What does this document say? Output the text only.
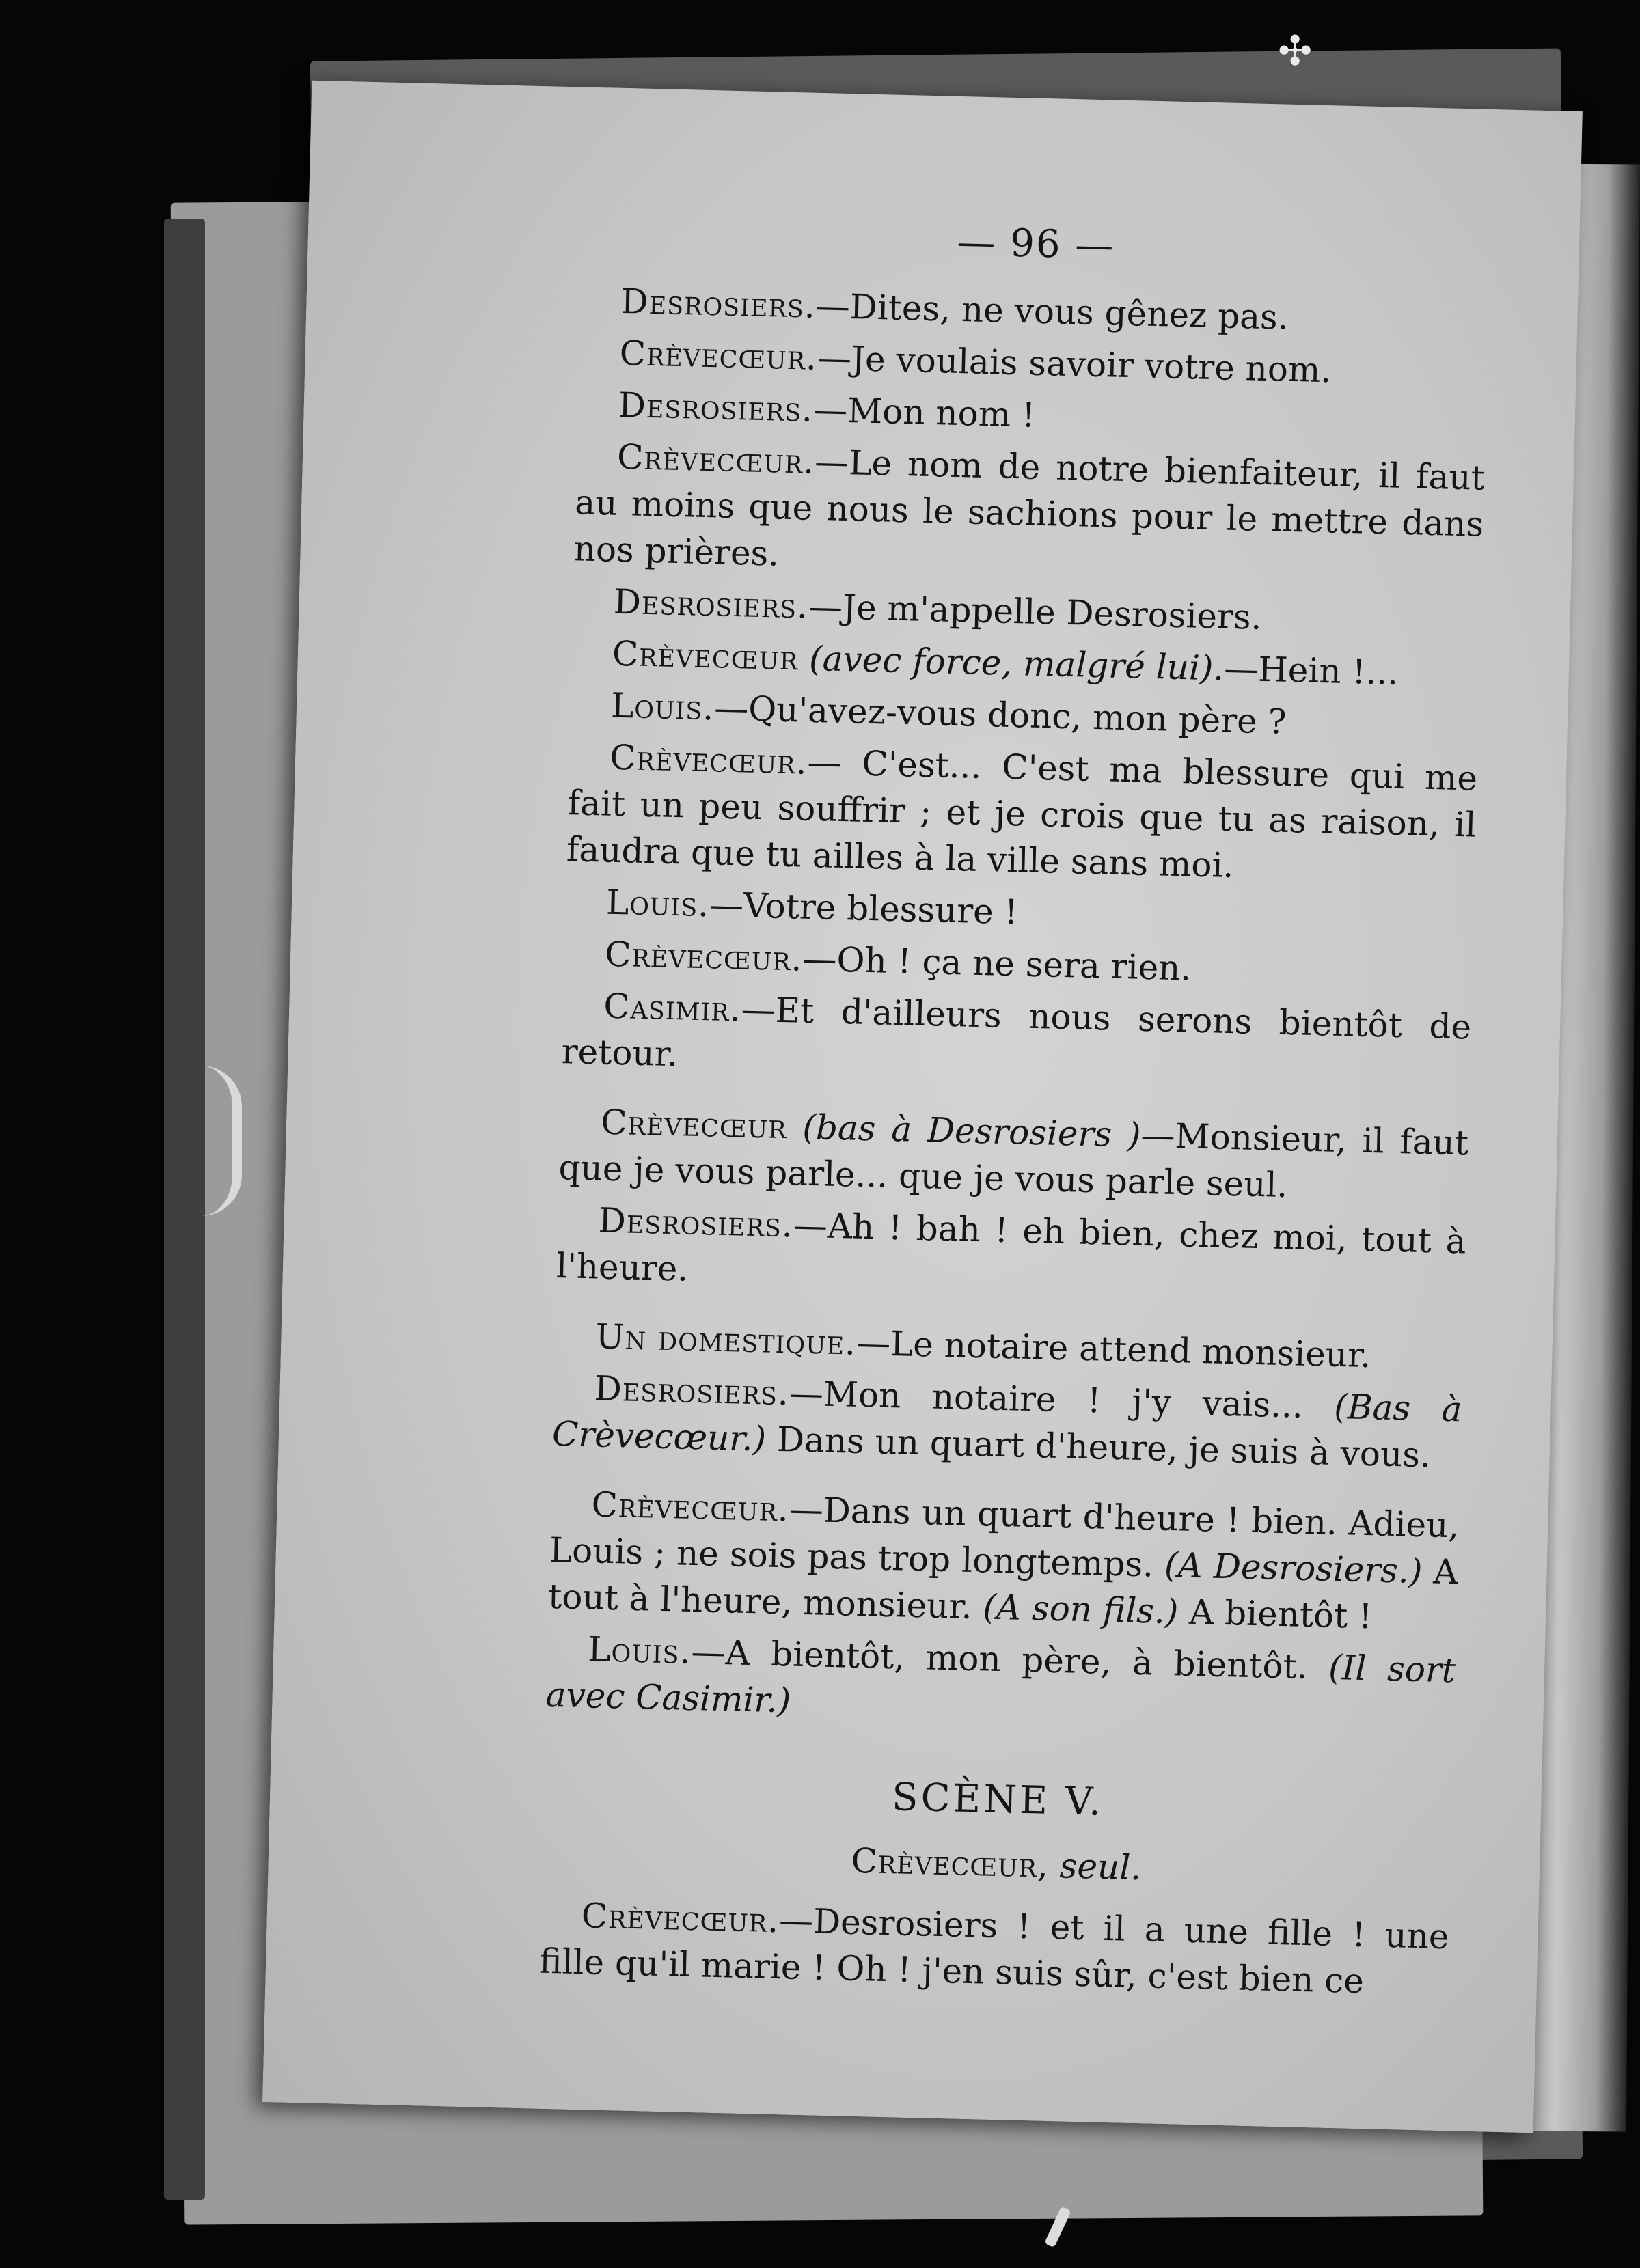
✣
— 96 —

Desrosiers.—Dites, ne vous gênez pas.

Crèvecœur.—Je voulais savoir votre nom.

Desrosiers.—Mon nom !

Crèvecœur.—Le nom de notre bienfaiteur, il faut au moins que nous le sachions pour le mettre dans nos prières.

Desrosiers.—Je m'appelle Desrosiers.

Crèvecœur (avec force, malgré lui).—Hein !...

Louis.—Qu'avez-vous donc, mon père ?

Crèvecœur.— C'est... C'est ma blessure qui me fait un peu souffrir ; et je crois que tu as raison, il faudra que tu ailles à la ville sans moi.

Louis.—Votre blessure !

Crèvecœur.—Oh ! ça ne sera rien.

Casimir.—Et d'ailleurs nous serons bientôt de retour.

Crèvecœur (bas à Desrosiers )—Monsieur, il faut que je vous parle... que je vous parle seul.

Desrosiers.—Ah ! bah ! eh bien, chez moi, tout à l'heure.

Un domestique.—Le notaire attend monsieur.

Desrosiers.—Mon notaire ! j'y vais... (Bas à Crèvecœur.) Dans un quart d'heure, je suis à vous.

Crèvecœur.—Dans un quart d'heure ! bien. Adieu, Louis ; ne sois pas trop longtemps. (A Desrosiers.) A tout à l'heure, monsieur. (A son fils.) A bientôt !

Louis.—A bientôt, mon père, à bientôt. (Il sort avec Casimir.)

SCÈNE V.
Crèvecœur, seul.

Crèvecœur.—Desrosiers ! et il a une fille ! une fille qu'il marie ! Oh ! j'en suis sûr, c'est bien ce
